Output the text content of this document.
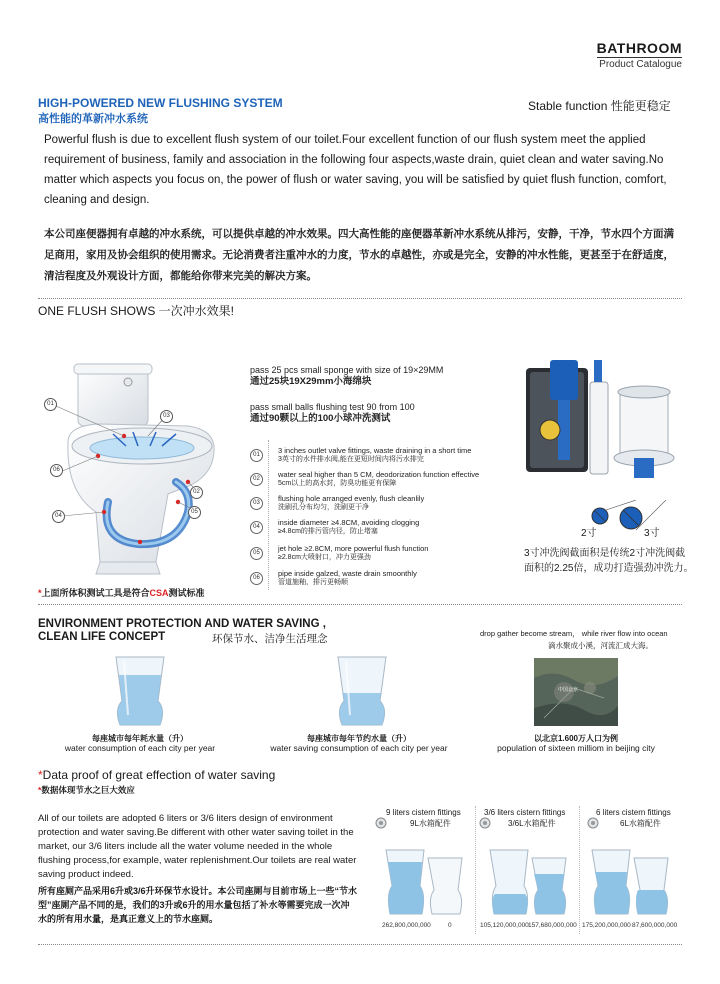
BATHROOM
Product Catalogue
HIGH-POWERED NEW FLUSHING SYSTEM
高性能的革新冲水系统
Stable function 性能更稳定
Powerful flush is due to excellent flush system of our toilet.Four excellent function of our flush system meet the applied requirement of business, family and association in the following four aspects,waste drain, quiet clean and water saving.No matter which aspects you focus on, the power of flush or water saving, you will be satisfied by quiet flush function, comfort, cleaning and design.
本公司座便器拥有卓越的冲水系统，可以提供卓越的冲水效果。四大高性能的座便器革新冲水系统从排污，安静，干净，节水四个方面满足商用，家用及协会组织的使用需求。无论消费者注重冲水的力度，节水的卓越性，亦或是完全，安静的冲水性能，更甚至于在舒适度，清洁程度及外观设计方面，都能给你带来完美的解决方案。
ONE FLUSH SHOWS 一次冲水效果!
01
03
06
02
04
05
pass 25 pcs small sponge with size of 19×29MM
通过25块19X29mm小海绵块
pass small balls flushing test 90 from 100
通过90颗以上的100小球冲洗测试
01	3 inches outlet valve fittings, waste draining in a short time
3英寸的水件排水阀,能在更短时间内将污水排完
02	water seal higher than 5 CM, deodorization function effective
5cm以上的高水封，防臭功能更有保障
03	flushing hole arranged evenly, flush cleanlily
洗刷孔分布均匀，洗刷更干净
04	inside diameter ≥4.8CM, avoiding clogging
≥4.8cm的排污管内径，防止堵塞
05	jet hole ≥2.8CM, more powerful flush function
≥2.8cm大喷射口，冲力更强劲
06	pipe inside galzed, waste drain smoonthly
管道施釉，排污更畅顺
*上面所体积测试工具是符合CSA测试标准
2寸	3寸
3寸冲洗阀截面积是传统2寸冲洗阀截面积的2.25倍，成功打造强劲冲洗力。
ENVIRONMENT PROTECTION AND WATER SAVING ,
CLEAN LIFE CONCEPT	环保节水、洁净生活理念	drop gather become stream， while river flow into ocean
滴水聚成小溪，河流汇成大海。
中国北京
每座城市每年耗水量（升）
water consumption of each city per year
每座城市每年节约水量（升）
water saving consumption of each city per year
以北京1.600万人口为例
population of sixteen milliom in beijing city
*Data proof of great effection of water saving
*数据体现节水之巨大效应
All of our toilets are adopted 6 liters or 3/6 liters design of environment protection and water saving.Be different with other water saving toilet in the market, our 3/6 liters include all the water volume needed in the whole flushing process,for example, water replenishment.Our toilets are real water saving product indeed.
所有座厕产品采用6升或3/6升环保节水设计。本公司座厕与目前市场上一些“节水型”座厕产品不同的是，我们的3升或6升的用水量包括了补水等需要完成一次冲水的所有用水量，是真正意义上的节水座厕。
9 liters cistern fittings
9L水箱配件
262,800,000,000	0
3/6 liters cistern fittings
3/6L水箱配件
105,120,000,000 157,680,000,000
6 liters cistern fittings
6L水箱配件
175,200,000,000 87,600,000,000
